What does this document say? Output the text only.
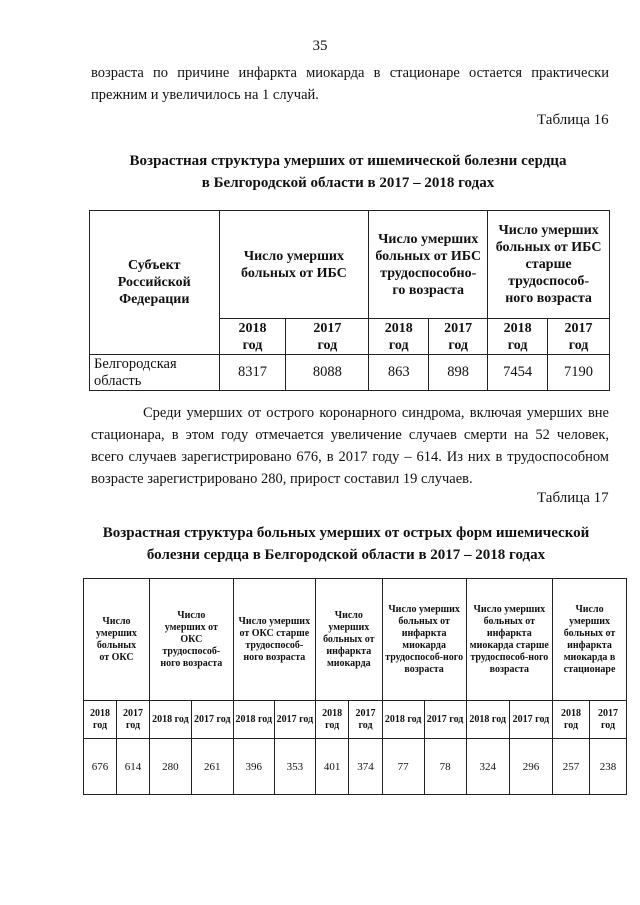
35
возраста по причине инфаркта миокарда в стационаре остается практически прежним и увеличилось на 1 случай.
Таблица 16
Возрастная структура умерших от ишемической болезни сердца
в Белгородской области в 2017 – 2018 годах
Субъект Российской Федерации	Число умерших больных от ИБС		Число умерших больных от ИБС трудоспособно-го возраста		Число умерших больных от ИБС старше трудоспособ-ного возраста	
	2018 год	2017 год	2018 год	2017 год	2018 год	2017 год
Белгородская область	8317	8088	863	898	7454	7190
Среди умерших от острого коронарного синдрома, включая умерших вне стационара, в этом году отмечается увеличение случаев смерти на 52 человек, всего случаев зарегистрировано 676, в 2017 году – 614. Из них в трудоспособном возрасте зарегистрировано 280, прирост составил 19 случаев.
Таблица 17
Возрастная структура больных умерших от острых форм ишемической
болезни сердца в Белгородской области в 2017 – 2018 годах
Число умерших больных от ОКС		Число умерших от ОКС трудоспособ-ного возраста		Число умерших от ОКС старше трудоспособ-ного возраста		Число умерших больных от инфаркта миокарда		Число умерших больных от инфаркта миокарда трудоспособ-ного возраста		Число умерших больных от инфаркта миокарда старше трудоспособ-ного возраста		Число умерших больных от инфаркта миокарда в стационаре	
2018 год	2017 год	2018 год	2017 год	2018 год	2017 год	2018 год	2017 год	2018 год	2017 год	2018 год	2017 год	2018 год	2017 год
676	614	280	261	396	353	401	374	77	78	324	296	257	238
